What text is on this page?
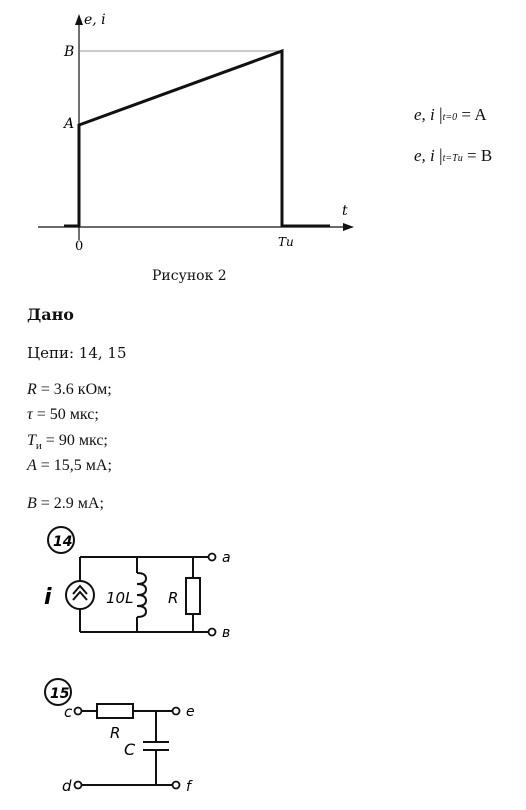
e, i
t
B
A
0	Tи
Рисунок 2
e, i |t=0 = A
e, i |t=Tи = B
Дано
Цепи: 14, 15
R = 3.6 кОм;
τ = 50 мкс;
$T_и = 90$ мкс;
A = 15,5 мА;
B = 2.9 мА;
14
i	10L R
a
в
15
c
d
e
f
R
C
